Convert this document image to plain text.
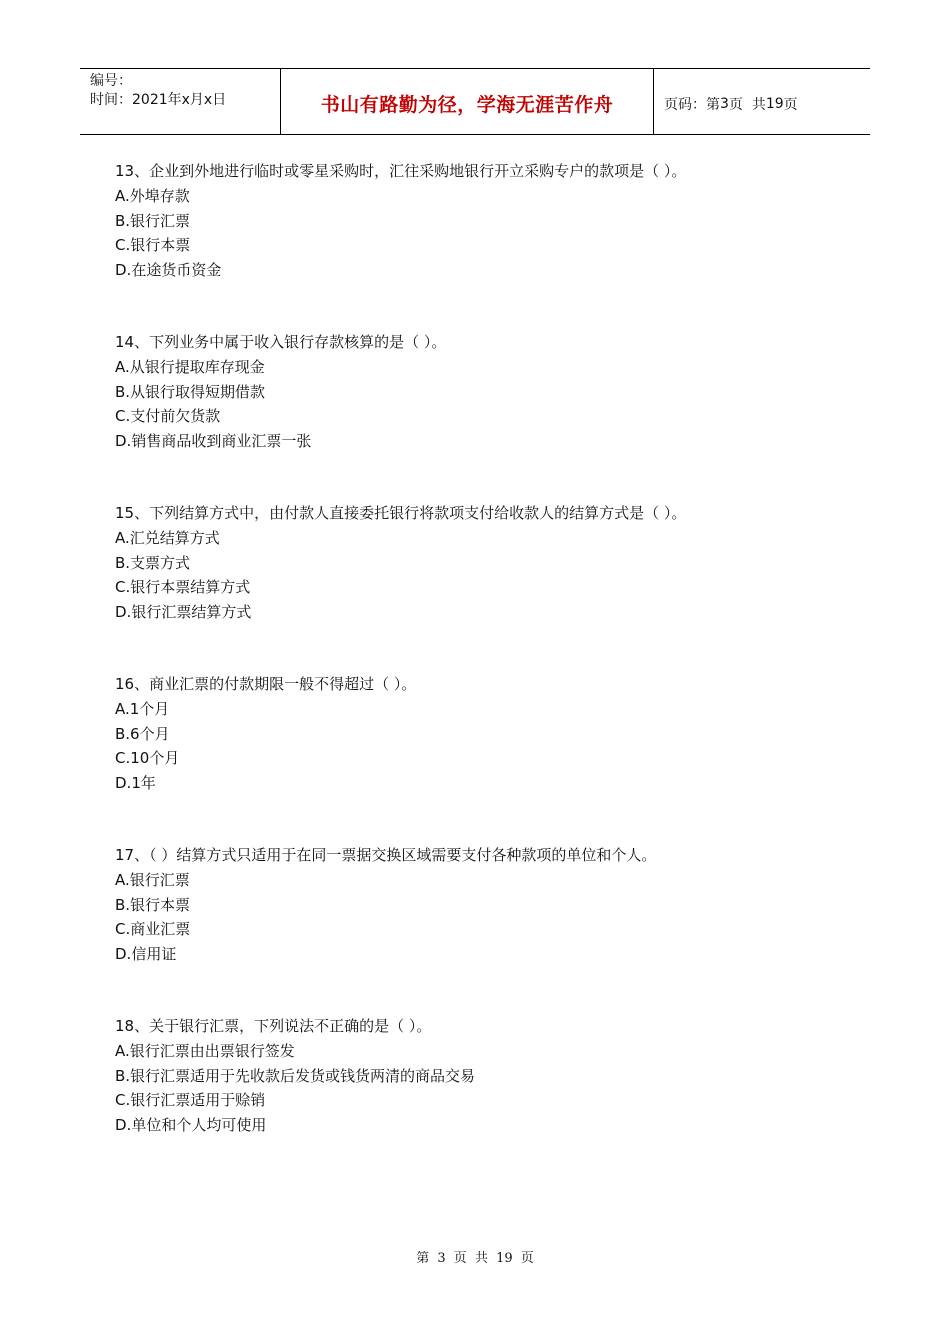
编号：
时间：2021年x月x日	书山有路勤为径，学海无涯苦作舟	页码：第 3 页  共 19 页
13、企业到外地进行临时或零星采购时，汇往采购地银行开立采购专户的款项是（ ）。
A.外埠存款
B.银行汇票
C.银行本票
D.在途货币资金
14、下列业务中属于收入银行存款核算的是（ ）。
A.从银行提取库存现金
B.从银行取得短期借款
C.支付前欠货款
D.销售商品收到商业汇票一张
15、下列结算方式中，由付款人直接委托银行将款项支付给收款人的结算方式是（ ）。
A.汇兑结算方式
B.支票方式
C.银行本票结算方式
D.银行汇票结算方式
16、商业汇票的付款期限一般不得超过（ ）。
A.1个月
B.6个月
C.10个月
D.1年
17、（ ）结算方式只适用于在同一票据交换区域需要支付各种款项的单位和个人。
A.银行汇票
B.银行本票
C.商业汇票
D.信用证
18、关于银行汇票，下列说法不正确的是（ ）。
A.银行汇票由出票银行签发
B.银行汇票适用于先收款后发货或钱货两清的商品交易
C.银行汇票适用于赊销
D.单位和个人均可使用
第 3 页 共 19 页
